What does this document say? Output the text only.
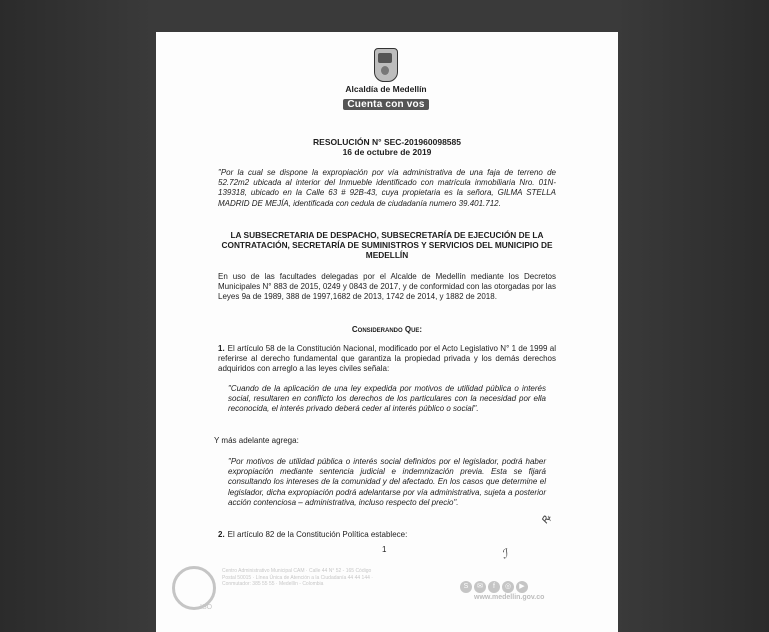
Alcaldía de Medellín
Cuenta con vos
RESOLUCIÓN N° SEC-201960098585
16 de octubre de 2019
"Por la cual se dispone la expropiación por vía administrativa de una faja de terreno de 52.72m2 ubicada al interior del Inmueble identificado con matrícula inmobiliaria Nro. 01N-139318, ubicado en la Calle 63 # 92B-43, cuya propietaria es la señora, GILMA STELLA MADRID DE MEJÍA, identificada con cedula de ciudadanía numero 39.401.712.
LA SUBSECRETARIA DE DESPACHO, SUBSECRETARÍA DE EJECUCIÓN DE LA CONTRATACIÓN, SECRETARÍA DE SUMINISTROS Y SERVICIOS DEL MUNICIPIO DE MEDELLÍN
En uso de las facultades delegadas por el Alcalde de Medellín mediante los Decretos Municipales N° 883 de 2015, 0249 y 0843 de 2017, y de conformidad con las otorgadas por las Leyes 9a de 1989, 388 de 1997,1682 de 2013, 1742 de 2014, y 1882 de 2018.
Considerando Que:
1. El artículo 58 de la Constitución Nacional, modificado por el Acto Legislativo N° 1 de 1999 al referirse al derecho fundamental que garantiza la propiedad privada y los demás derechos adquiridos con arreglo a las leyes civiles señala:
"Cuando de la aplicación de una ley expedida por motivos de utilidad pública o interés social, resultaren en conflicto los derechos de los particulares con la necesidad por ella reconocida, el interés privado deberá ceder al interés público o social".
Y más adelante agrega:
"Por motivos de utilidad pública o interés social definidos por el legislador, podrá haber expropiación mediante sentencia judicial e indemnización previa. Esta se fijará consultando los intereses de la comunidad y del afectado. En los casos que determine el legislador, dicha expropiación podrá adelantarse por vía administrativa, sujeta a posterior acción contenciosa – administrativa, incluso respecto del precio".
2. El artículo 82 de la Constitución Política establece:
1
ꝶ
ℐ
ISO
Centro Administrativo Municipal CAM · Calle 44 N° 52 - 165 Código Postal 50015 · Línea Única de Atención a la Ciudadanía 44 44 144 · Conmutador: 385 55 55 · Medellín - Colombia	S ✉ f ◎ ▶
www.medellin.gov.co
